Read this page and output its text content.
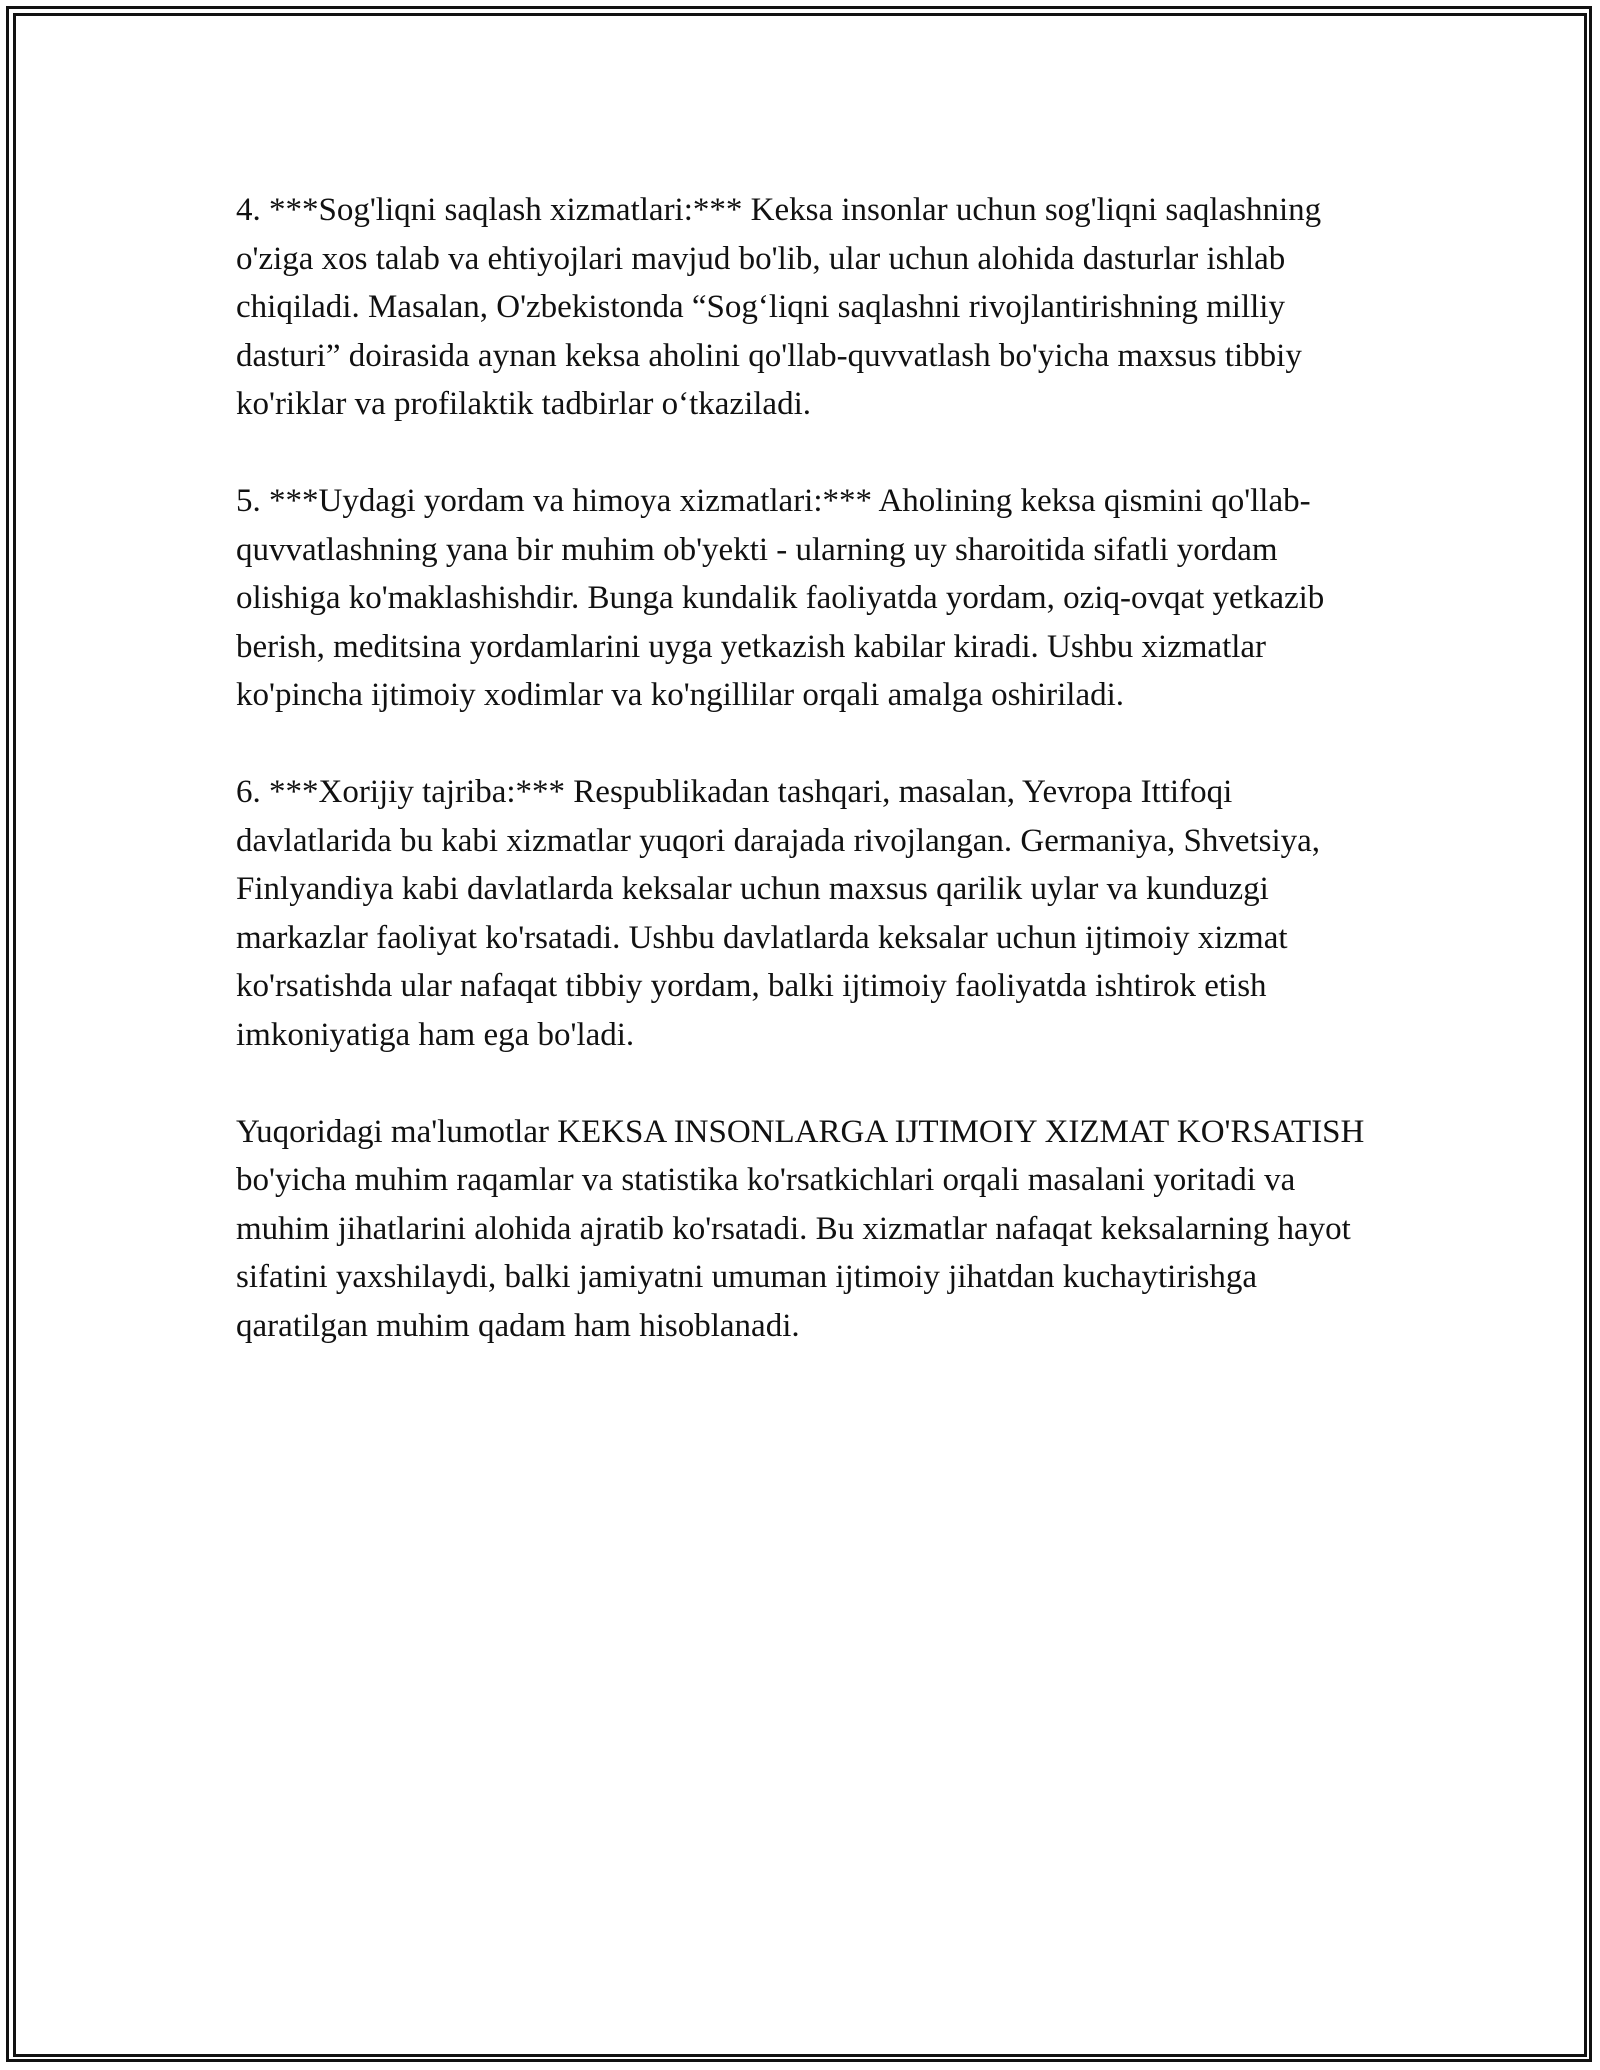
4. ***Sog'liqni saqlash xizmatlari:*** Keksa insonlar uchun sog'liqni saqlashning o'ziga xos talab va ehtiyojlari mavjud bo'lib, ular uchun alohida dasturlar ishlab chiqiladi. Masalan, O'zbekistonda “Sog‘liqni saqlashni rivojlantirishning milliy dasturi” doirasida aynan keksa aholini qo'llab-quvvatlash bo'yicha maxsus tibbiy ko'riklar va profilaktik tadbirlar o‘tkaziladi.

5. ***Uydagi yordam va himoya xizmatlari:*** Aholining keksa qismini qo'llab-quvvatlashning yana bir muhim ob'yekti - ularning uy sharoitida sifatli yordam olishiga ko'maklashishdir. Bunga kundalik faoliyatda yordam, oziq-ovqat yetkazib berish, meditsina yordamlarini uyga yetkazish kabilar kiradi. Ushbu xizmatlar ko'pincha ijtimoiy xodimlar va ko'ngillilar orqali amalga oshiriladi.

6. ***Xorijiy tajriba:*** Respublikadan tashqari, masalan, Yevropa Ittifoqi davlatlarida bu kabi xizmatlar yuqori darajada rivojlangan. Germaniya, Shvetsiya, Finlyandiya kabi davlatlarda keksalar uchun maxsus qarilik uylar va kunduzgi markazlar faoliyat ko'rsatadi. Ushbu davlatlarda keksalar uchun ijtimoiy xizmat ko'rsatishda ular nafaqat tibbiy yordam, balki ijtimoiy faoliyatda ishtirok etish imkoniyatiga ham ega bo'ladi.

Yuqoridagi ma'lumotlar KEKSA INSONLARGA IJTIMOIY XIZMAT KO'RSATISH bo'yicha muhim raqamlar va statistika ko'rsatkichlari orqali masalani yoritadi va muhim jihatlarini alohida ajratib ko'rsatadi. Bu xizmatlar nafaqat keksalarning hayot sifatini yaxshilaydi, balki jamiyatni umuman ijtimoiy jihatdan kuchaytirishga qaratilgan muhim qadam ham hisoblanadi.
